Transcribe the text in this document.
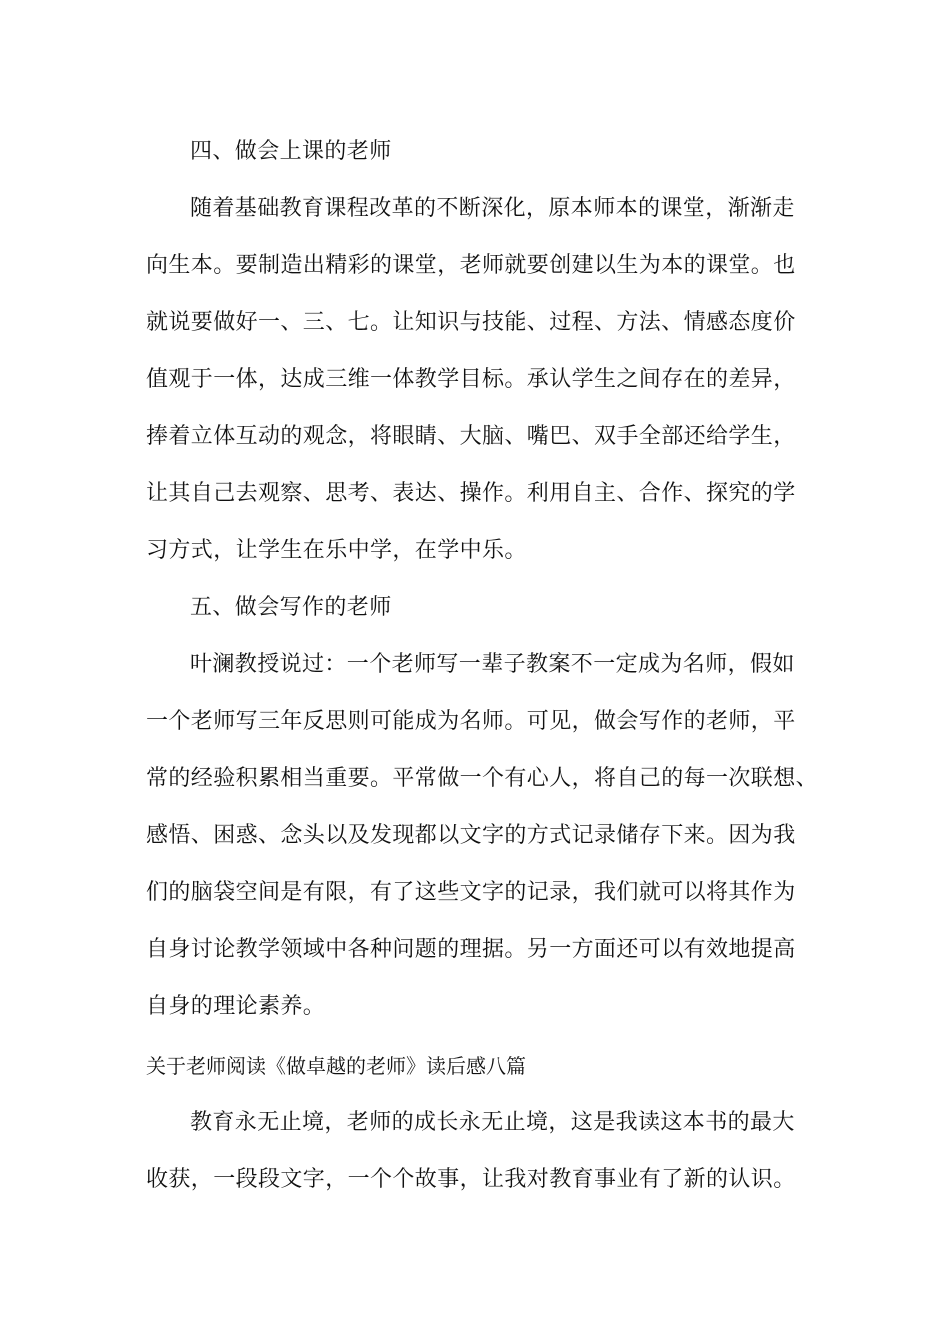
四、做会上课的老师
随着基础教育课程改革的不断深化，原本师本的课堂，渐渐走
向生本。要制造出精彩的课堂，老师就要创建以生为本的课堂。也
就说要做好一、三、七。让知识与技能、过程、方法、情感态度价
值观于一体，达成三维一体教学目标。承认学生之间存在的差异，
捧着立体互动的观念，将眼睛、大脑、嘴巴、双手全部还给学生，
让其自己去观察、思考、表达、操作。利用自主、合作、探究的学
习方式，让学生在乐中学，在学中乐。
五、做会写作的老师
叶澜教授说过：一个老师写一辈子教案不一定成为名师，假如
一个老师写三年反思则可能成为名师。可见，做会写作的老师，平
常的经验积累相当重要。平常做一个有心人，将自己的每一次联想、
感悟、困惑、念头以及发现都以文字的方式记录储存下来。因为我
们的脑袋空间是有限，有了这些文字的记录，我们就可以将其作为
自身讨论教学领域中各种问题的理据。另一方面还可以有效地提高
自身的理论素养。
关于老师阅读《做卓越的老师》读后感八篇
教育永无止境，老师的成长永无止境，这是我读这本书的最大
收获，一段段文字，一个个故事，让我对教育事业有了新的认识。
